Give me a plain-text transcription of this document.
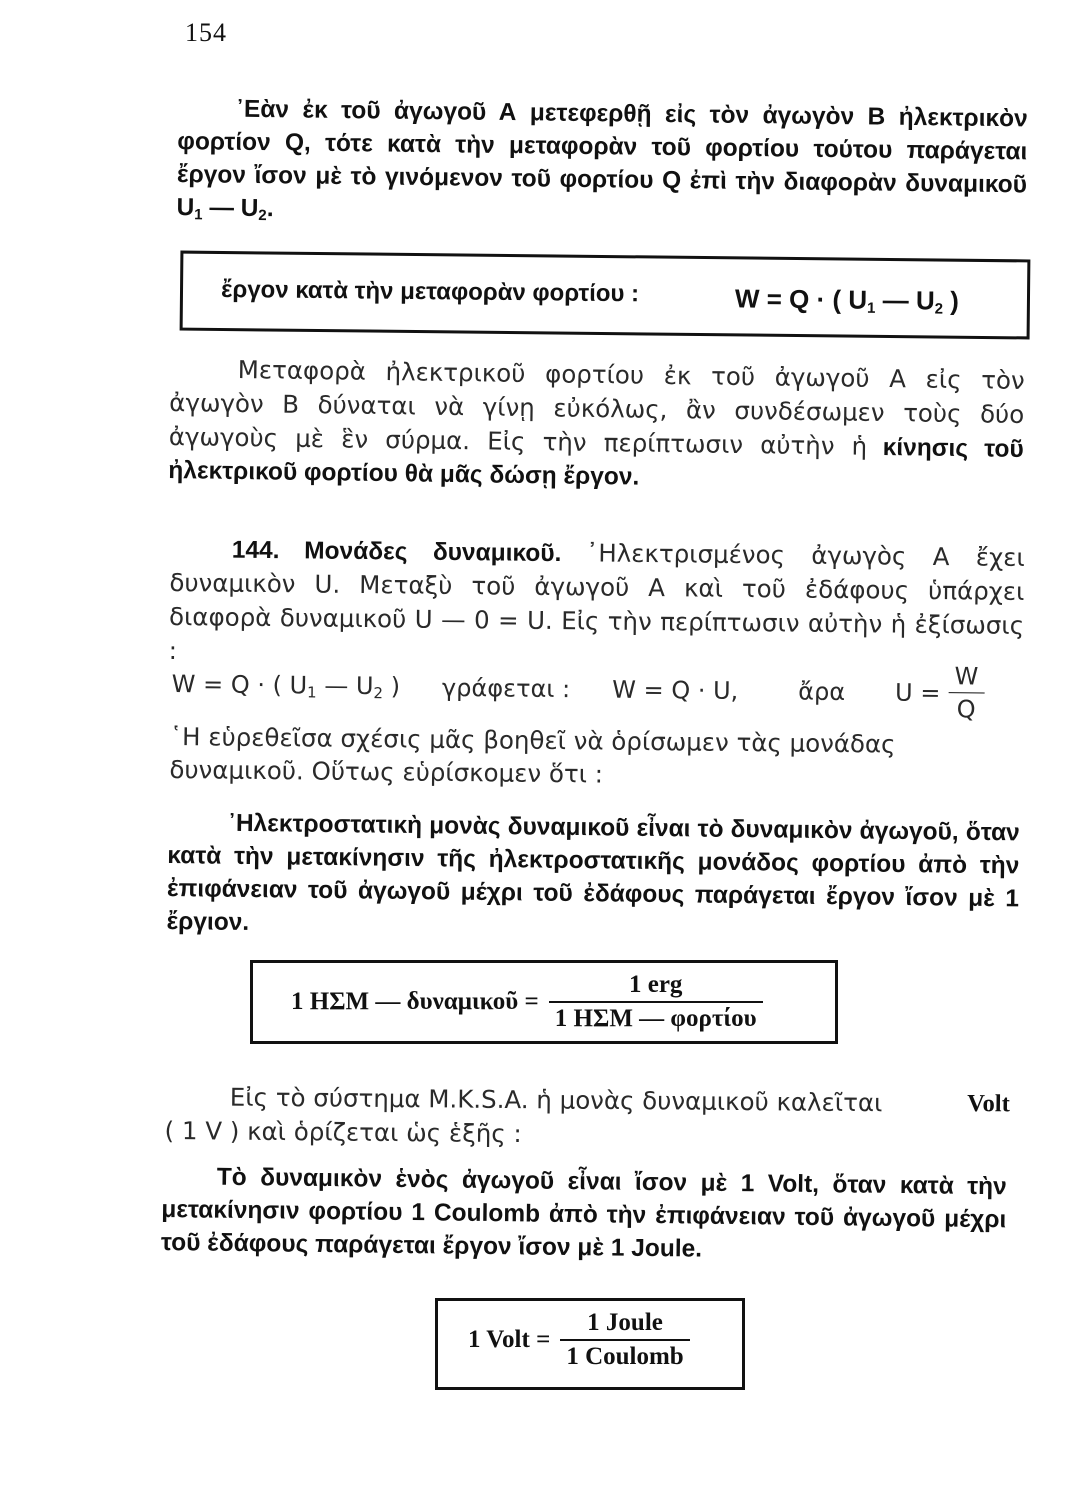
154

᾽Εὰν ἐκ τοῦ ἀγωγοῦ Α μετεφερθῇ εἰς τὸν ἀγωγὸν Β ἠλεκτρικὸν φορτίον Q, τότε κατὰ τὴν μεταφορὰν τοῦ φορτίου τούτου παράγεται ἔργον ἴσον μὲ τὸ γινόμενον τοῦ φορτίου Q ἐπὶ τὴν διαφορὰν δυναμικοῦ $U_1$ — $U_2$.

ἔργον κατὰ τὴν μεταφορὰν φορτίου :	W = Q · ( $U_1$ — $U_2$ )

Μεταφορὰ ἠλεκτρικοῦ φορτίου ἐκ τοῦ ἀγωγοῦ Α εἰς τὸν ἀγωγὸν Β δύναται νὰ γίνῃ εὐκόλως, ἂν συνδέσωμεν τοὺς δύο ἀγωγοὺς μὲ ἓν σύρμα. Εἰς τὴν περίπτωσιν αὐτὴν ἡ κίνησις τοῦ ἠλεκτρικοῦ φορτίου θὰ μᾶς δώσῃ ἔργον.

144. Μονάδες δυναμικοῦ. ᾽Ηλεκτρισμένος ἀγωγὸς Α ἔχει δυναμικὸν U. Μεταξὺ τοῦ ἀγωγοῦ Α καὶ τοῦ ἐδάφους ὑπάρχει διαφορὰ δυναμικοῦ U — 0 = U. Εἰς τὴν περίπτωσιν αὐτὴν ἡ ἐξίσωσις :

W = Q · ( $U_1$ — $U_2$ ) γράφεται : W = Q · U, ἄρα $U = \frac{W}{Q}$

῾Η εὑρεθεῖσα σχέσις μᾶς βοηθεῖ νὰ ὁρίσωμεν τὰς μονάδας δυναμικοῦ. Οὕτως εὑρίσκομεν ὅτι :

᾽Ηλεκτροστατικὴ μονὰς δυναμικοῦ εἶναι τὸ δυναμικὸν ἀγωγοῦ, ὅταν κατὰ τὴν μετακίνησιν τῆς ἠλεκτροστατικῆς μονάδος φορτίου ἀπὸ τὴν ἐπιφάνειαν τοῦ ἀγωγοῦ μέχρι τοῦ ἐδάφους παράγεται ἔργον ἴσον μὲ 1 ἔργιον.

1 ΗΣΜ — δυναμικοῦ = $\frac{\text{1 erg}}{\text{1 ΗΣΜ — φορτίου}}$

Εἰς τὸ σύστημα M.K.S.A. ἡ μονὰς δυναμικοῦ καλεῖται	Volt

( 1 V ) καὶ ὁρίζεται ὡς ἑξῆς :

Τὸ δυναμικὸν ἑνὸς ἀγωγοῦ εἶναι ἴσον μὲ 1 Volt, ὅταν κατὰ τὴν μετακίνησιν φορτίου 1 Coulomb ἀπὸ τὴν ἐπιφάνειαν τοῦ ἀγωγοῦ μέχρι τοῦ ἐδάφους παράγεται ἔργον ἴσον μὲ 1 Joule.

1 Volt = $\frac{\text{1 Joule}}{\text{1 Coulomb}}$
